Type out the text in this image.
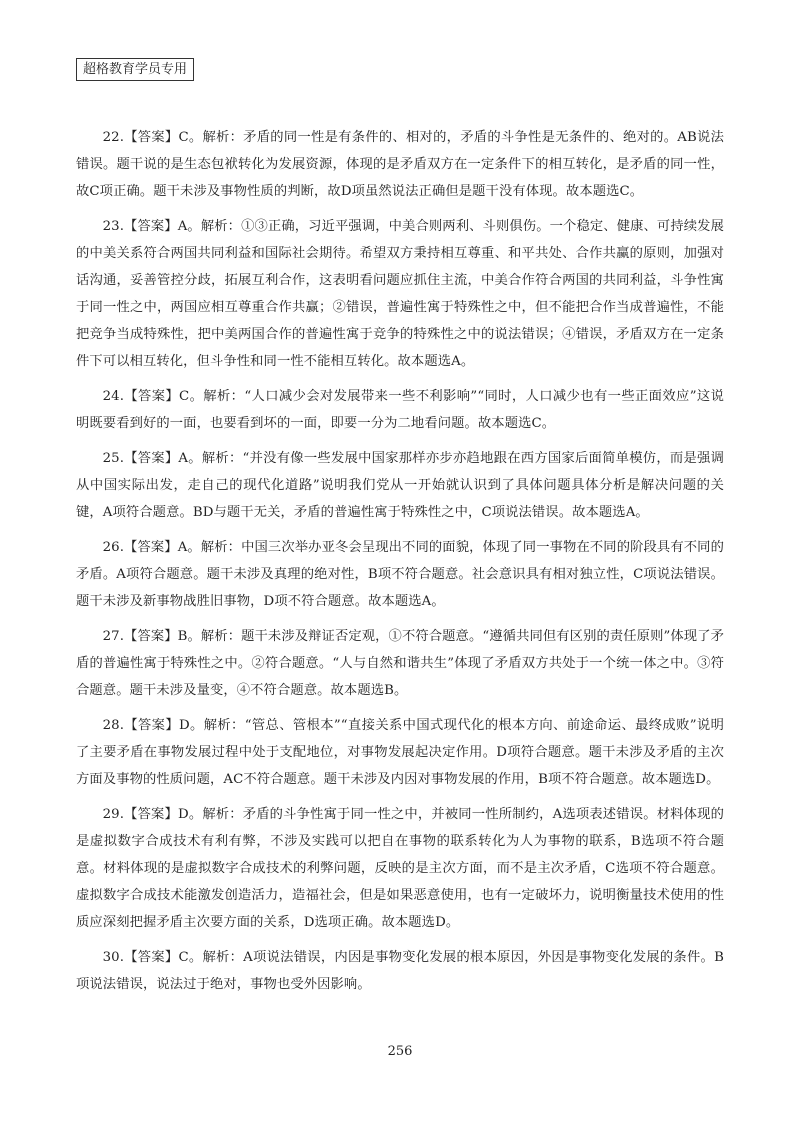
超格教育学员专用

22.【答案】C。解析：矛盾的同一性是有条件的、相对的，矛盾的斗争性是无条件的、绝对的。AB说法错误。题干说的是生态包袱转化为发展资源，体现的是矛盾双方在一定条件下的相互转化，是矛盾的同一性，故C项正确。题干未涉及事物性质的判断，故D项虽然说法正确但是题干没有体现。故本题选C。

23.【答案】A。解析：①③正确，习近平强调，中美合则两利、斗则俱伤。一个稳定、健康、可持续发展的中美关系符合两国共同利益和国际社会期待。希望双方秉持相互尊重、和平共处、合作共赢的原则，加强对话沟通，妥善管控分歧，拓展互利合作，这表明看问题应抓住主流，中美合作符合两国的共同利益，斗争性寓于同一性之中，两国应相互尊重合作共赢；②错误，普遍性寓于特殊性之中，但不能把合作当成普遍性，不能把竞争当成特殊性，把中美两国合作的普遍性寓于竞争的特殊性之中的说法错误；④错误，矛盾双方在一定条件下可以相互转化，但斗争性和同一性不能相互转化。故本题选A。

24.【答案】C。解析：“人口减少会对发展带来一些不利影响”“同时，人口减少也有一些正面效应”这说明既要看到好的一面，也要看到坏的一面，即要一分为二地看问题。故本题选C。

25.【答案】A。解析：“并没有像一些发展中国家那样亦步亦趋地跟在西方国家后面简单模仿，而是强调从中国实际出发，走自己的现代化道路”说明我们党从一开始就认识到了具体问题具体分析是解决问题的关键，A项符合题意。BD与题干无关，矛盾的普遍性寓于特殊性之中，C项说法错误。故本题选A。

26.【答案】A。解析：中国三次举办亚冬会呈现出不同的面貌，体现了同一事物在不同的阶段具有不同的矛盾。A项符合题意。题干未涉及真理的绝对性，B项不符合题意。社会意识具有相对独立性，C项说法错误。题干未涉及新事物战胜旧事物，D项不符合题意。故本题选A。

27.【答案】B。解析：题干未涉及辩证否定观，①不符合题意。“遵循共同但有区别的责任原则”体现了矛盾的普遍性寓于特殊性之中。②符合题意。“人与自然和谐共生”体现了矛盾双方共处于一个统一体之中。③符合题意。题干未涉及量变，④不符合题意。故本题选B。

28.【答案】D。解析：“管总、管根本”“直接关系中国式现代化的根本方向、前途命运、最终成败”说明了主要矛盾在事物发展过程中处于支配地位，对事物发展起决定作用。D项符合题意。题干未涉及矛盾的主次方面及事物的性质问题，AC不符合题意。题干未涉及内因对事物发展的作用，B项不符合题意。故本题选D。

29.【答案】D。解析：矛盾的斗争性寓于同一性之中，并被同一性所制约，A选项表述错误。材料体现的是虚拟数字合成技术有利有弊，不涉及实践可以把自在事物的联系转化为人为事物的联系，B选项不符合题意。材料体现的是虚拟数字合成技术的利弊问题，反映的是主次方面，而不是主次矛盾，C选项不符合题意。虚拟数字合成技术能激发创造活力，造福社会，但是如果恶意使用，也有一定破坏力，说明衡量技术使用的性质应深刻把握矛盾主次要方面的关系，D选项正确。故本题选D。

30.【答案】C。解析：A项说法错误，内因是事物变化发展的根本原因，外因是事物变化发展的条件。B项说法错误，说法过于绝对，事物也受外因影响。

256
